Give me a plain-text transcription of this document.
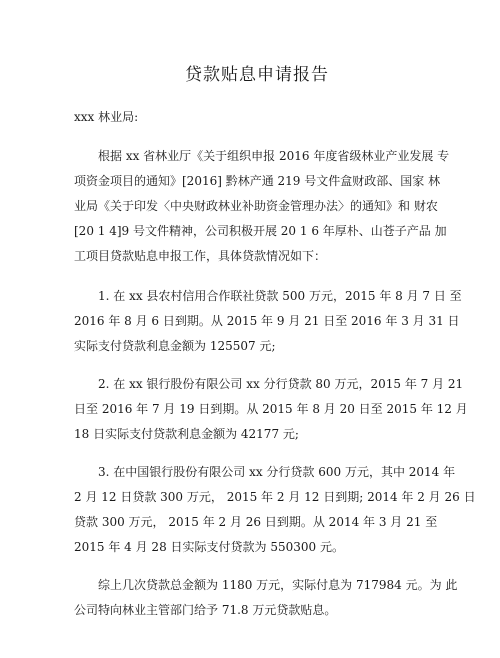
贷款贴息申请报告

xxx 林业局:

根据 xx 省林业厅《关于组织申报 2016 年度省级林业产业发展 专
项资金项目的通知》[2016] 黔林产通 219 号文件盒财政部、国家 林
业局《关于印发〈中央财政林业补助资金管理办法〉的通知》和 财农
[20 1 4]9 号文件精神，公司积极开展 20 1 6 年厚朴、山苍子产品 加
工项目贷款贴息申报工作，具体贷款情况如下：

1. 在 xx 县农村信用合作联社贷款 500 万元，2015 年 8 月 7 日 至
2016 年 8 月 6 日到期。从 2015 年 9 月 21 日至 2016 年 3 月 31 日
实际支付贷款利息金额为 125507 元;

2. 在 xx 银行股份有限公司 xx 分行贷款 80 万元，2015 年 7 月 21
日至 2016 年 7 月 19 日到期。从 2015 年 8 月 20 日至 2015 年 12 月
18 日实际支付贷款利息金额为 42177 元;

3. 在中国银行股份有限公司 xx 分行贷款 600 万元，其中 2014 年
2 月 12 日贷款 300 万元， 2015 年 2 月 12 日到期; 2014 年 2 月 26 日
贷款 300 万元， 2015 年 2 月 26 日到期。从 2014 年 3 月 21 至
2015 年 4 月 28 日实际支付贷款为 550300 元。

综上几次贷款总金额为 1180 万元，实际付息为 717984 元。为 此
公司特向林业主管部门给予 71.8 万元贷款贴息。
